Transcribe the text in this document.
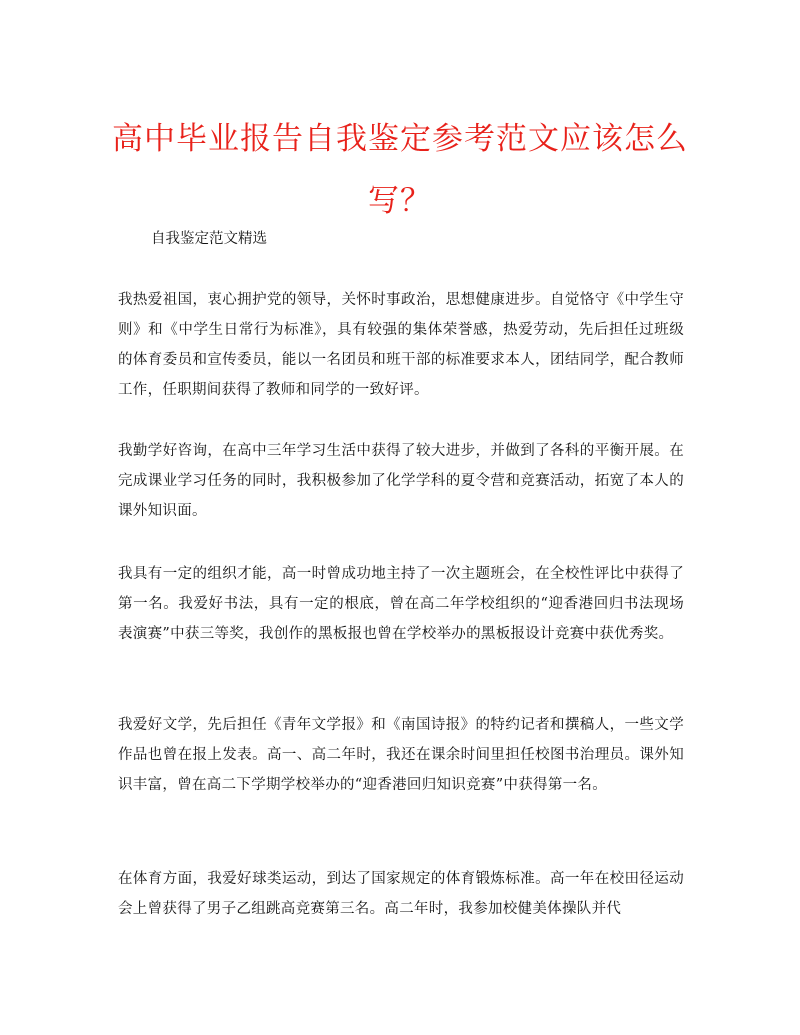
高中毕业报告自我鉴定参考范文应该怎么写？

自我鉴定范文精选

我热爱祖国，衷心拥护党的领导，关怀时事政治，思想健康进步。自觉恪守《中学生守则》和《中学生日常行为标准》，具有较强的集体荣誉感，热爱劳动，先后担任过班级的体育委员和宣传委员，能以一名团员和班干部的标准要求本人，团结同学，配合教师工作，任职期间获得了教师和同学的一致好评。

我勤学好咨询，在高中三年学习生活中获得了较大进步，并做到了各科的平衡开展。在完成课业学习任务的同时，我积极参加了化学学科的夏令营和竞赛活动，拓宽了本人的课外知识面。

我具有一定的组织才能，高一时曾成功地主持了一次主题班会，在全校性评比中获得了第一名。我爱好书法，具有一定的根底，曾在高二年学校组织的“迎香港回归书法现场表演赛”中获三等奖，我创作的黑板报也曾在学校举办的黑板报设计竞赛中获优秀奖。

我爱好文学，先后担任《青年文学报》和《南国诗报》的特约记者和撰稿人，一些文学作品也曾在报上发表。高一、高二年时，我还在课余时间里担任校图书治理员。课外知识丰富，曾在高二下学期学校举办的“迎香港回归知识竞赛”中获得第一名。

在体育方面，我爱好球类运动，到达了国家规定的体育锻炼标准。高一年在校田径运动会上曾获得了男子乙组跳高竞赛第三名。高二年时，我参加校健美体操队并代
